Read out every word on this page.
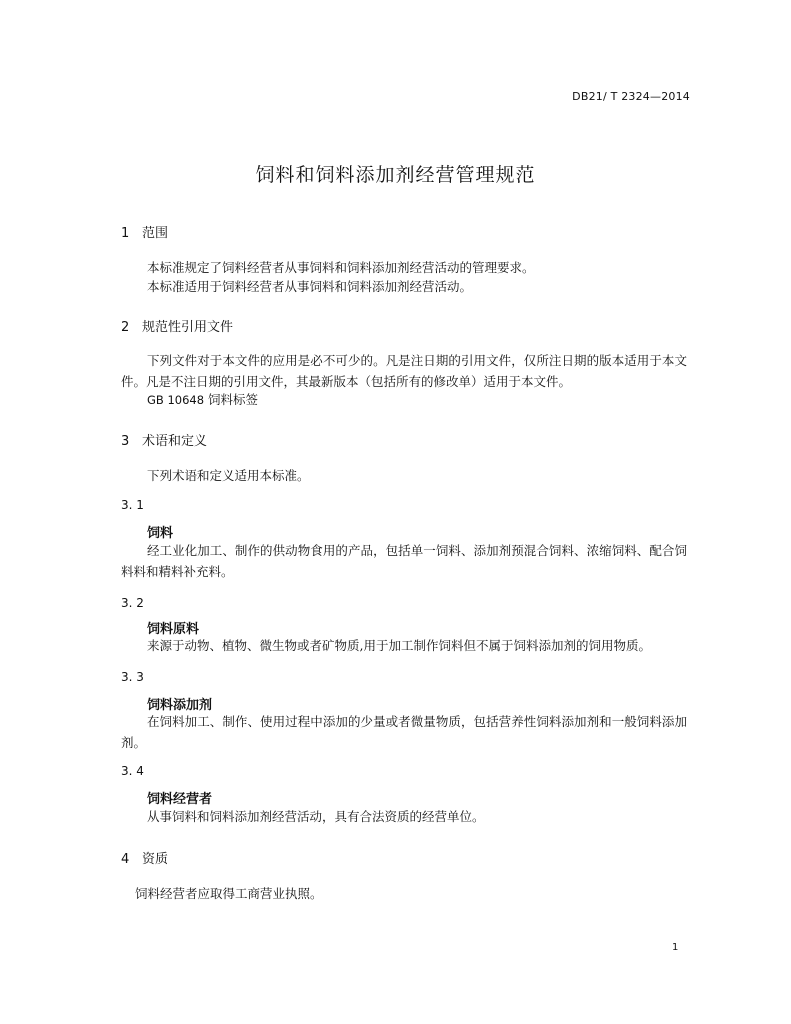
DB21/ T 2324—2014
饲料和饲料添加剂经营管理规范
1 范围
本标准规定了饲料经营者从事饲料和饲料添加剂经营活动的管理要求。
本标准适用于饲料经营者从事饲料和饲料添加剂经营活动。
2 规范性引用文件
下列文件对于本文件的应用是必不可少的。凡是注日期的引用文件，仅所注日期的版本适用于本文件。凡是不注日期的引用文件，其最新版本（包括所有的修改单）适用于本文件。
GB 10648 饲料标签
3 术语和定义
下列术语和定义适用本标准。
3. 1
饲料
经工业化加工、制作的供动物食用的产品，包括单一饲料、添加剂预混合饲料、浓缩饲料、配合饲料料和精料补充料。
3. 2
饲料原料
来源于动物、植物、微生物或者矿物质,用于加工制作饲料但不属于饲料添加剂的饲用物质。
3. 3
饲料添加剂
在饲料加工、制作、使用过程中添加的少量或者微量物质，包括营养性饲料添加剂和一般饲料添加剂。
3. 4
饲料经营者
从事饲料和饲料添加剂经营活动，具有合法资质的经营单位。
4 资质
饲料经营者应取得工商营业执照。
1
